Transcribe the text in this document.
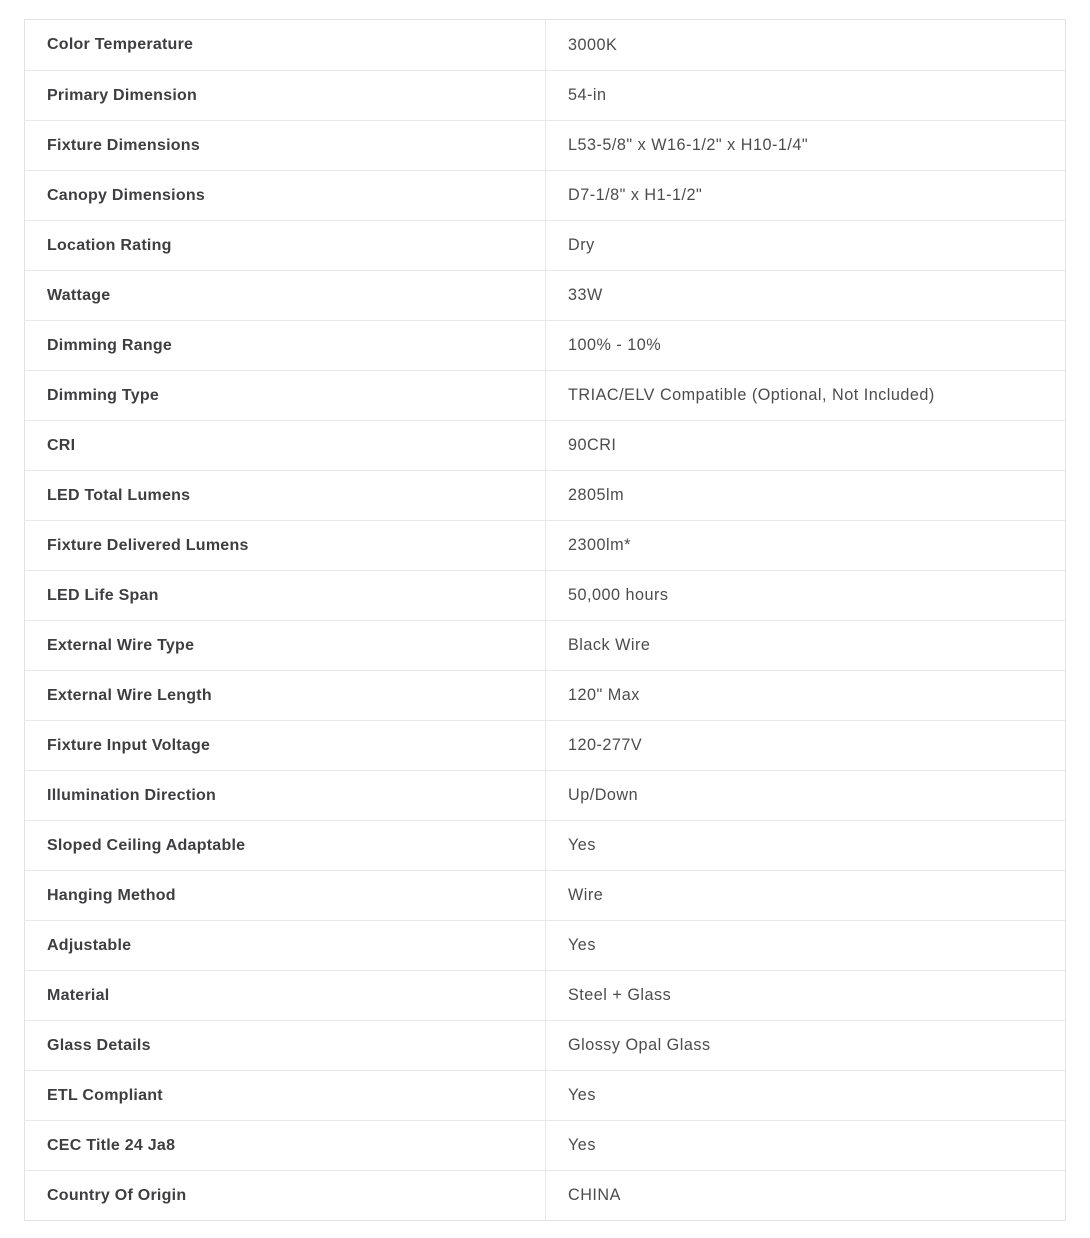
Color Temperature	3000K
Primary Dimension	54-in
Fixture Dimensions	L53-5/8" x W16-1/2" x H10-1/4"
Canopy Dimensions	D7-1/8" x H1-1/2"
Location Rating	Dry
Wattage	33W
Dimming Range	100% - 10%
Dimming Type	TRIAC/ELV Compatible (Optional, Not Included)
CRI	90CRI
LED Total Lumens	2805lm
Fixture Delivered Lumens	2300lm*
LED Life Span	50,000 hours
External Wire Type	Black Wire
External Wire Length	120" Max
Fixture Input Voltage	120-277V
Illumination Direction	Up/Down
Sloped Ceiling Adaptable	Yes
Hanging Method	Wire
Adjustable	Yes
Material	Steel + Glass
Glass Details	Glossy Opal Glass
ETL Compliant	Yes
CEC Title 24 Ja8	Yes
Country Of Origin	CHINA
